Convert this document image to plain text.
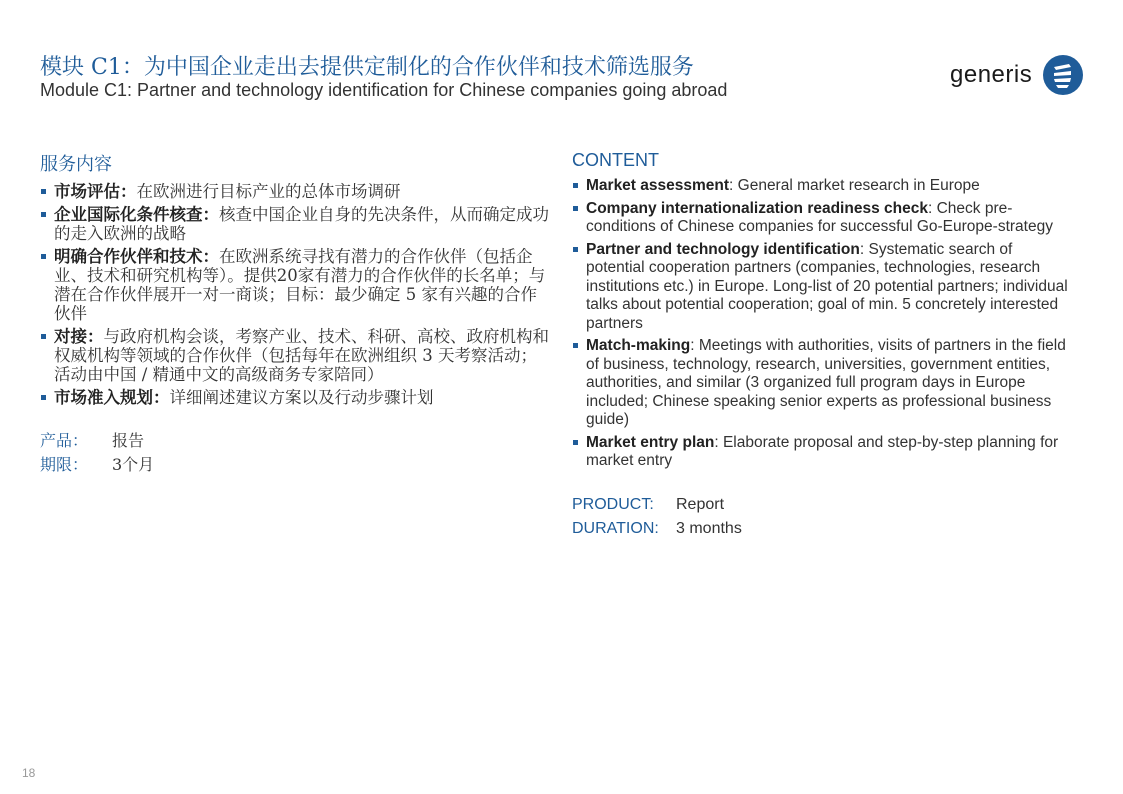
模块 C1：为中国企业走出去提供定制化的合作伙伴和技术筛选服务
Module C1: Partner and technology identification for Chinese companies going abroad
generis
服务内容
市场评估：在欧洲进行目标产业的总体市场调研
企业国际化条件核查：核查中国企业自身的先决条件，从而确定成功的走入欧洲的战略
明确合作伙伴和技术：在欧洲系统寻找有潜力的合作伙伴（包括企业、技术和研究机构等）。提供20家有潜力的合作伙伴的长名单；与潜在合作伙伴展开一对一商谈；目标：最少确定 5 家有兴趣的合作伙伴
对接：与政府机构会谈，考察产业、技术、科研、高校、政府机构和权威机构等领域的合作伙伴（包括每年在欧洲组织 3 天考察活动；活动由中国 / 精通中文的高级商务专家陪同）
市场准入规划：详细阐述建议方案以及行动步骤计划
产品：	报告
期限：	3个月
CONTENT
Market assessment: General market research in Europe
Company internationalization readiness check: Check pre-conditions of Chinese companies for successful Go-Europe-strategy
Partner and technology identification: Systematic search of potential cooperation partners (companies, technologies, research institutions etc.) in Europe. Long-list of 20 potential partners; individual talks about potential cooperation; goal of min. 5 concretely interested partners
Match-making: Meetings with authorities, visits of partners in the field of business, technology, research, universities, government entities, authorities, and similar (3 organized full program days in Europe included; Chinese speaking senior experts as professional business guide)
Market entry plan: Elaborate proposal and step-by-step planning for market entry
PRODUCT:	Report
DURATION:	3 months
18
